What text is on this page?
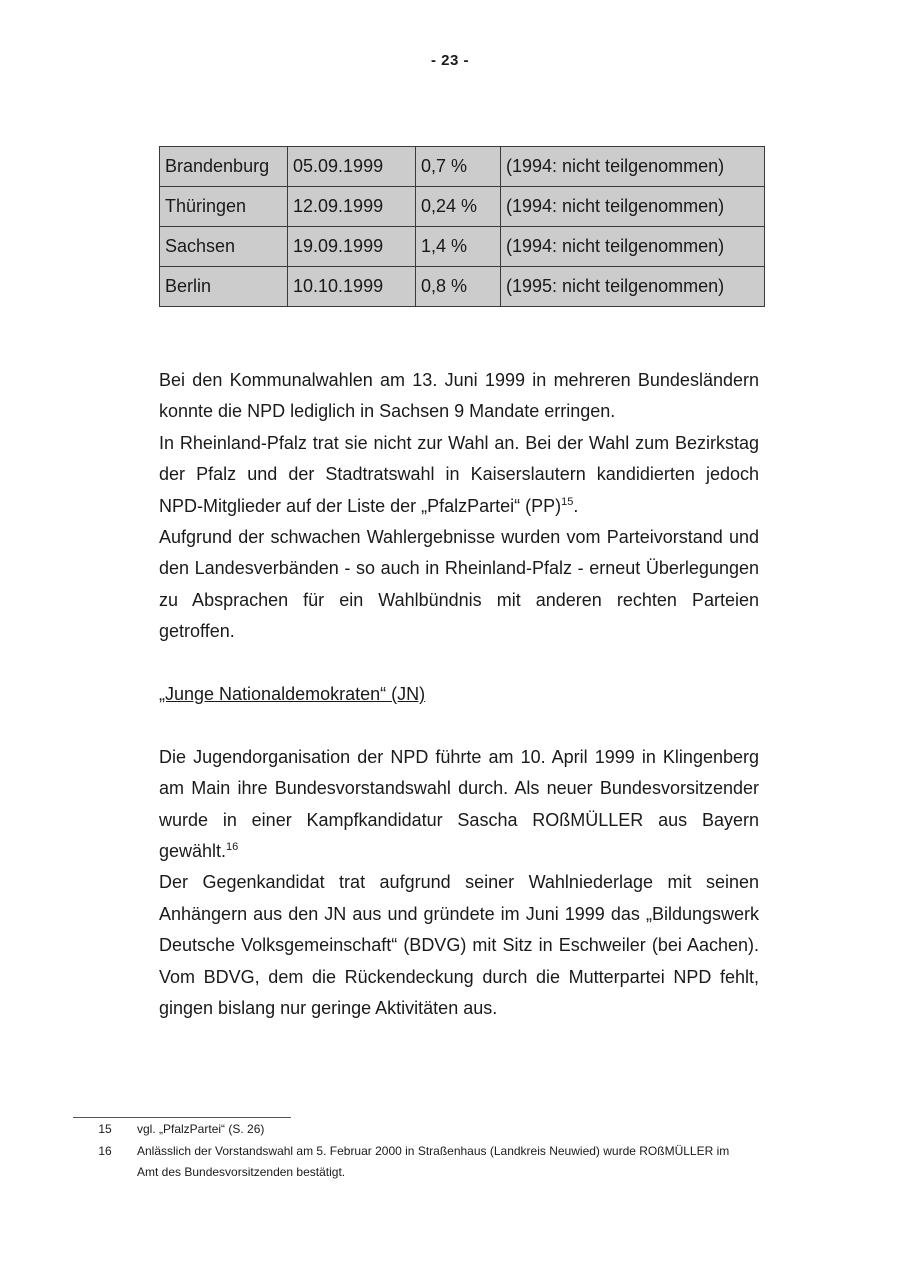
- 23 -
Brandenburg	05.09.1999	0,7 %	(1994: nicht teilgenommen)
Thüringen	12.09.1999	0,24 %	(1994: nicht teilgenommen)
Sachsen	19.09.1999	1,4 %	(1994: nicht teilgenommen)
Berlin	10.10.1999	0,8 %	(1995: nicht teilgenommen)

Bei den Kommunalwahlen am 13. Juni 1999 in mehreren Bundesländern konnte die NPD lediglich in Sachsen 9 Mandate erringen.

In Rheinland-Pfalz trat sie nicht zur Wahl an. Bei der Wahl zum Bezirkstag der Pfalz und der Stadtratswahl in Kaiserslautern kandidierten jedoch NPD-Mitglieder auf der Liste der „PfalzPartei“ (PP)$^{15}$.

Aufgrund der schwachen Wahlergebnisse wurden vom Parteivorstand und den Landesverbänden - so auch in Rheinland-Pfalz - erneut Überlegungen zu Absprachen für ein Wahlbündnis mit anderen rechten Parteien getroffen.

„Junge Nationaldemokraten“ (JN)

Die Jugendorganisation der NPD führte am 10. April 1999 in Klingenberg am Main ihre Bundesvorstandswahl durch. Als neuer Bundesvorsitzender wurde in einer Kampfkandidatur Sascha ROßMÜLLER aus Bayern gewählt.$^{16}$

Der Gegenkandidat trat aufgrund seiner Wahlniederlage mit seinen Anhängern aus den JN aus und gründete im Juni 1999 das „Bildungswerk Deutsche Volksgemeinschaft“ (BDVG) mit Sitz in Eschweiler (bei Aachen). Vom BDVG, dem die Rückendeckung durch die Mutterpartei NPD fehlt, gingen bislang nur geringe Aktivitäten aus.

15	vgl. „PfalzPartei“ (S. 26)
16	Anlässlich der Vorstandswahl am 5. Februar 2000 in Straßenhaus (Landkreis Neuwied) wurde ROßMÜLLER im Amt des Bundesvorsitzenden bestätigt.
